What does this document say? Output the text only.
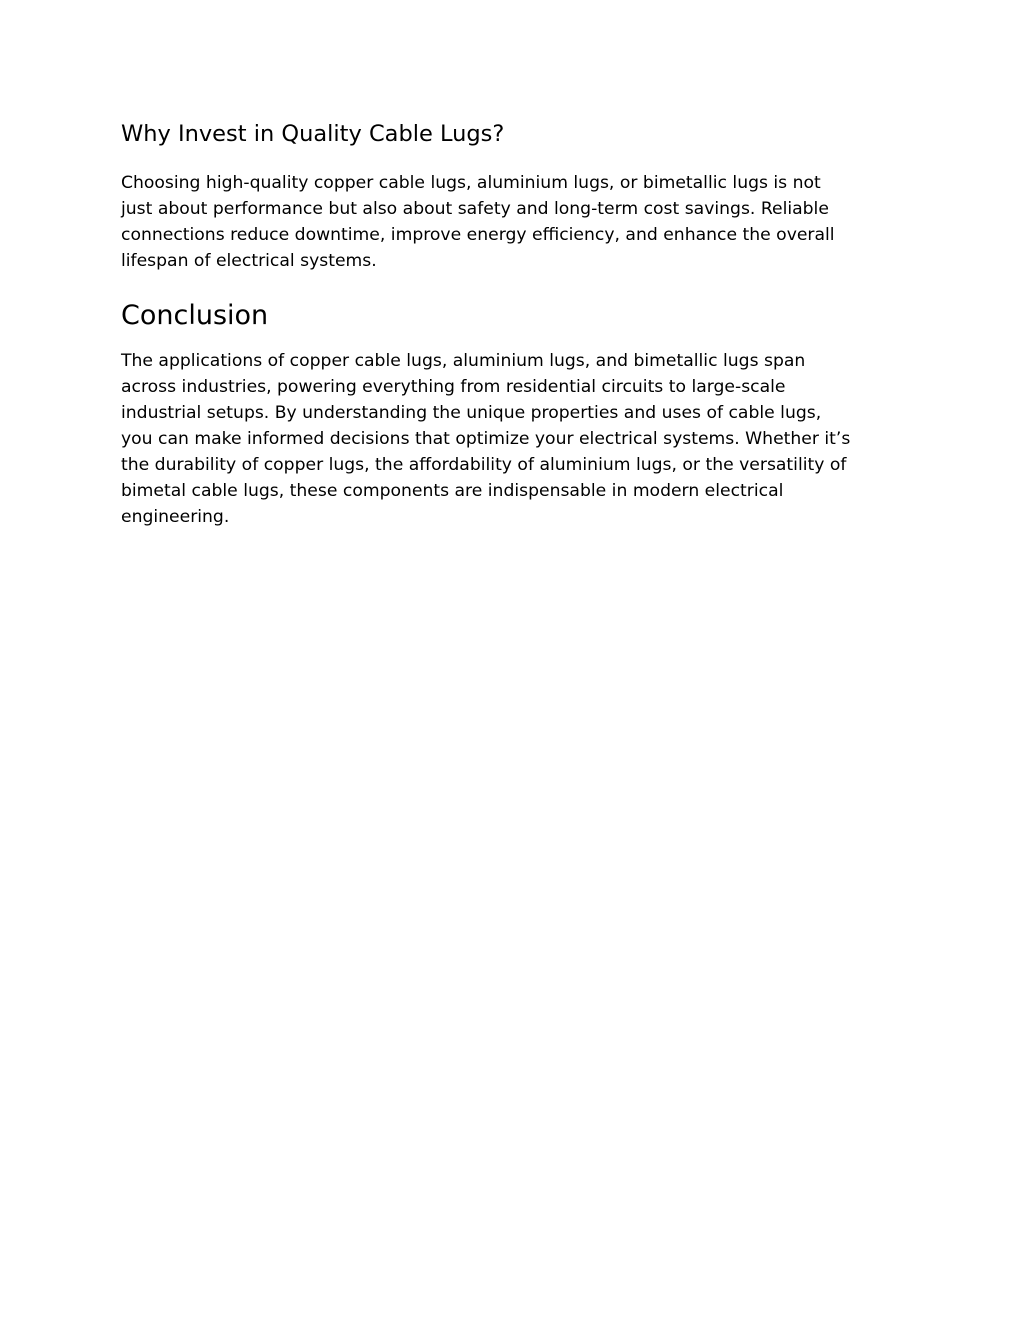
Why Invest in Quality Cable Lugs?

Choosing high-quality copper cable lugs, aluminium lugs, or bimetallic lugs is not
just about performance but also about safety and long-term cost savings. Reliable
connections reduce downtime, improve energy efficiency, and enhance the overall
lifespan of electrical systems.

Conclusion

The applications of copper cable lugs, aluminium lugs, and bimetallic lugs span
across industries, powering everything from residential circuits to large-scale
industrial setups. By understanding the unique properties and uses of cable lugs,
you can make informed decisions that optimize your electrical systems. Whether it’s
the durability of copper lugs, the affordability of aluminium lugs, or the versatility of
bimetal cable lugs, these components are indispensable in modern electrical
engineering.
